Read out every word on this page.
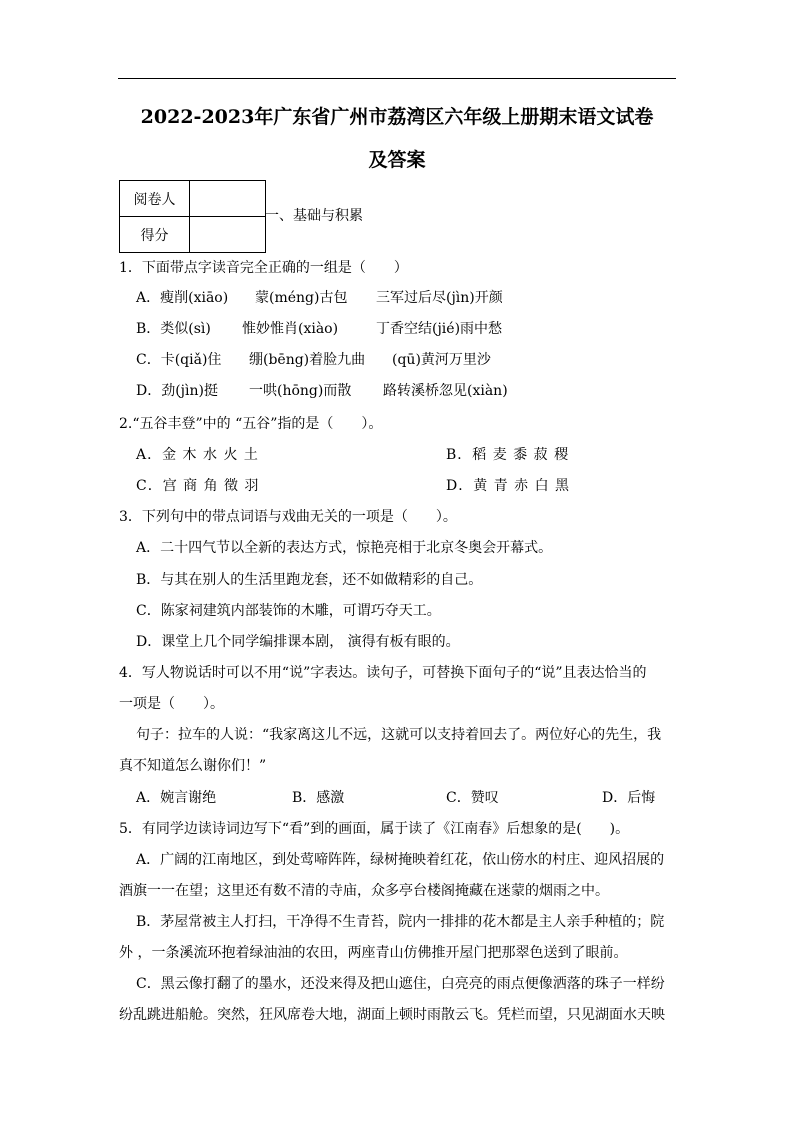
2022-2023年广东省广州市荔湾区六年级上册期末语文试卷
及答案
阅卷人	
得分	
一、基础与积累
1．下面带点字读音完全正确的一组是（　　）
A．瘦削(xiāo) 蒙(méng)古包 三军过后尽(jìn)开颜
B．类似(sì) 惟妙惟肖(xiào)	丁香空结(jié)雨中愁
C．卡(qiǎ)住 绷(bēng)着脸九曲 (qū)黄河万里沙
D．劲(jìn)挺 一哄(hōng)而散 路转溪桥忽见(xiàn)
2.“五谷丰登”中的 “五谷”指的是（　　）。
A．金 木 水 火 土	B．稻 麦 黍 菽 稷
C．宫 商 角 徵 羽	D．黄 青 赤 白 黑
3．下列句中的带点词语与戏曲无关的一项是（　　）。
A．二十四气节以全新的表达方式，惊艳亮相于北京冬奥会开幕式。
B．与其在别人的生活里跑龙套，还不如做精彩的自己。
C．陈家祠建筑内部装饰的木雕，可谓巧夺天工。
D．课堂上几个同学编排课本剧， 演得有板有眼的。
4．写人物说话时可以不用“说”字表达。读句子，可替换下面句子的“说”且表达恰当的
一项是（　　）。
句子：拉车的人说：“我家离这儿不远，这就可以支持着回去了。两位好心的先生，我
真不知道怎么谢你们！”
A．婉言谢绝	B．感激	C．赞叹	D．后悔
5．有同学边读诗词边写下“看”到的画面，属于读了《江南春》后想象的是(　　)。
A．广阔的江南地区，到处莺啼阵阵，绿树掩映着红花，依山傍水的村庄、迎风招展的
酒旗一一在望；这里还有数不清的寺庙，众多亭台楼阁掩藏在迷蒙的烟雨之中。
B．茅屋常被主人打扫，干净得不生青苔，院内一排排的花木都是主人亲手种植的；院
外 ，一条溪流环抱着绿油油的农田，两座青山仿佛推开屋门把那翠色送到了眼前。
C．黑云像打翻了的墨水，还没来得及把山遮住，白亮亮的雨点便像洒落的珠子一样纷
纷乱跳进船舱。突然，狂风席卷大地，湖面上顿时雨散云飞。凭栏而望，只见湖面水天映
